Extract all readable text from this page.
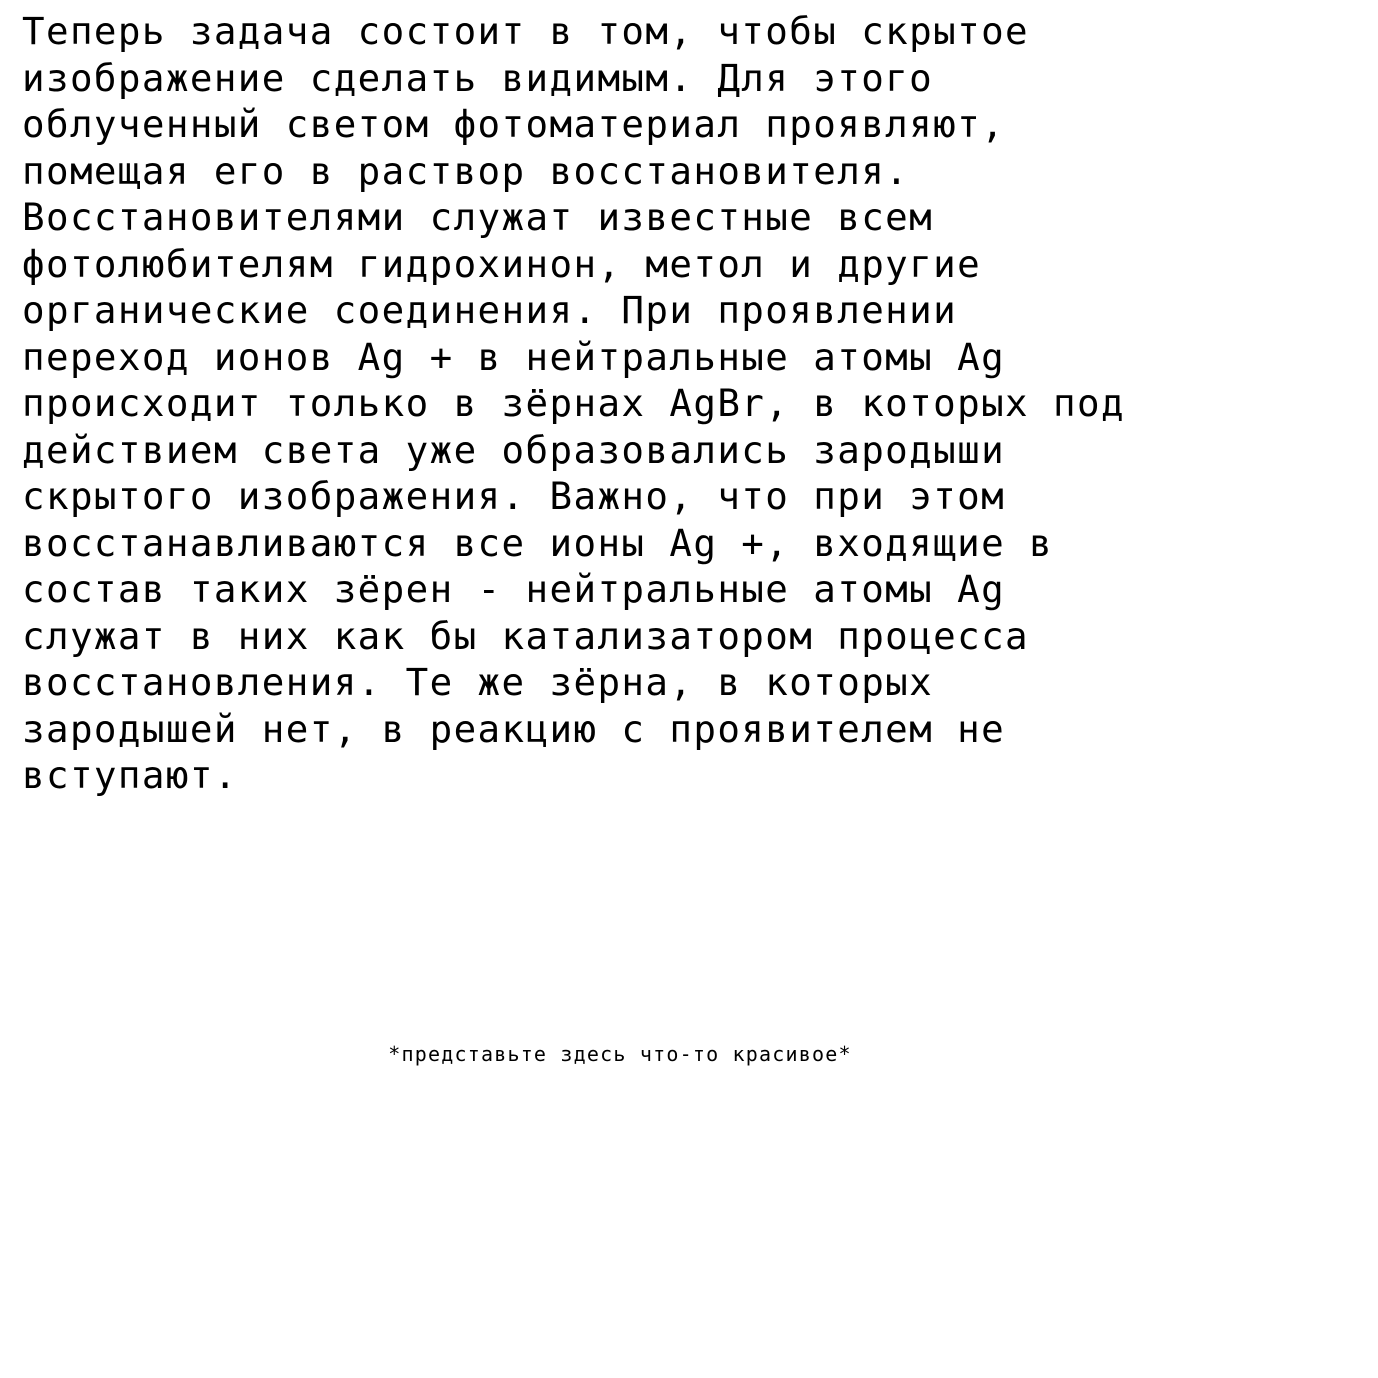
Теперь задача состоит в том, чтобы скрытое
изображение сделать видимым. Для этого
облученный светом фотоматериал проявляют,
помещая его в раствор восстановителя.
Восстановителями служат известные всем
фотолюбителям гидрохинон, метол и другие
органические соединения. При проявлении
переход ионов Ag + в нейтральные атомы Ag
происходит только в зёрнах AgBr, в которых под
действием света уже образовались зародыши
скрытого изображения. Важно, что при этом
восстанавливаются все ионы Ag +, входящие в
состав таких зёрен - нейтральные атомы Ag
служат в них как бы катализатором процесса
восстановления. Те же зёрна, в которых
зародышей нет, в реакцию с проявителем не
вступают.

*представьте здесь что-то красивое*
